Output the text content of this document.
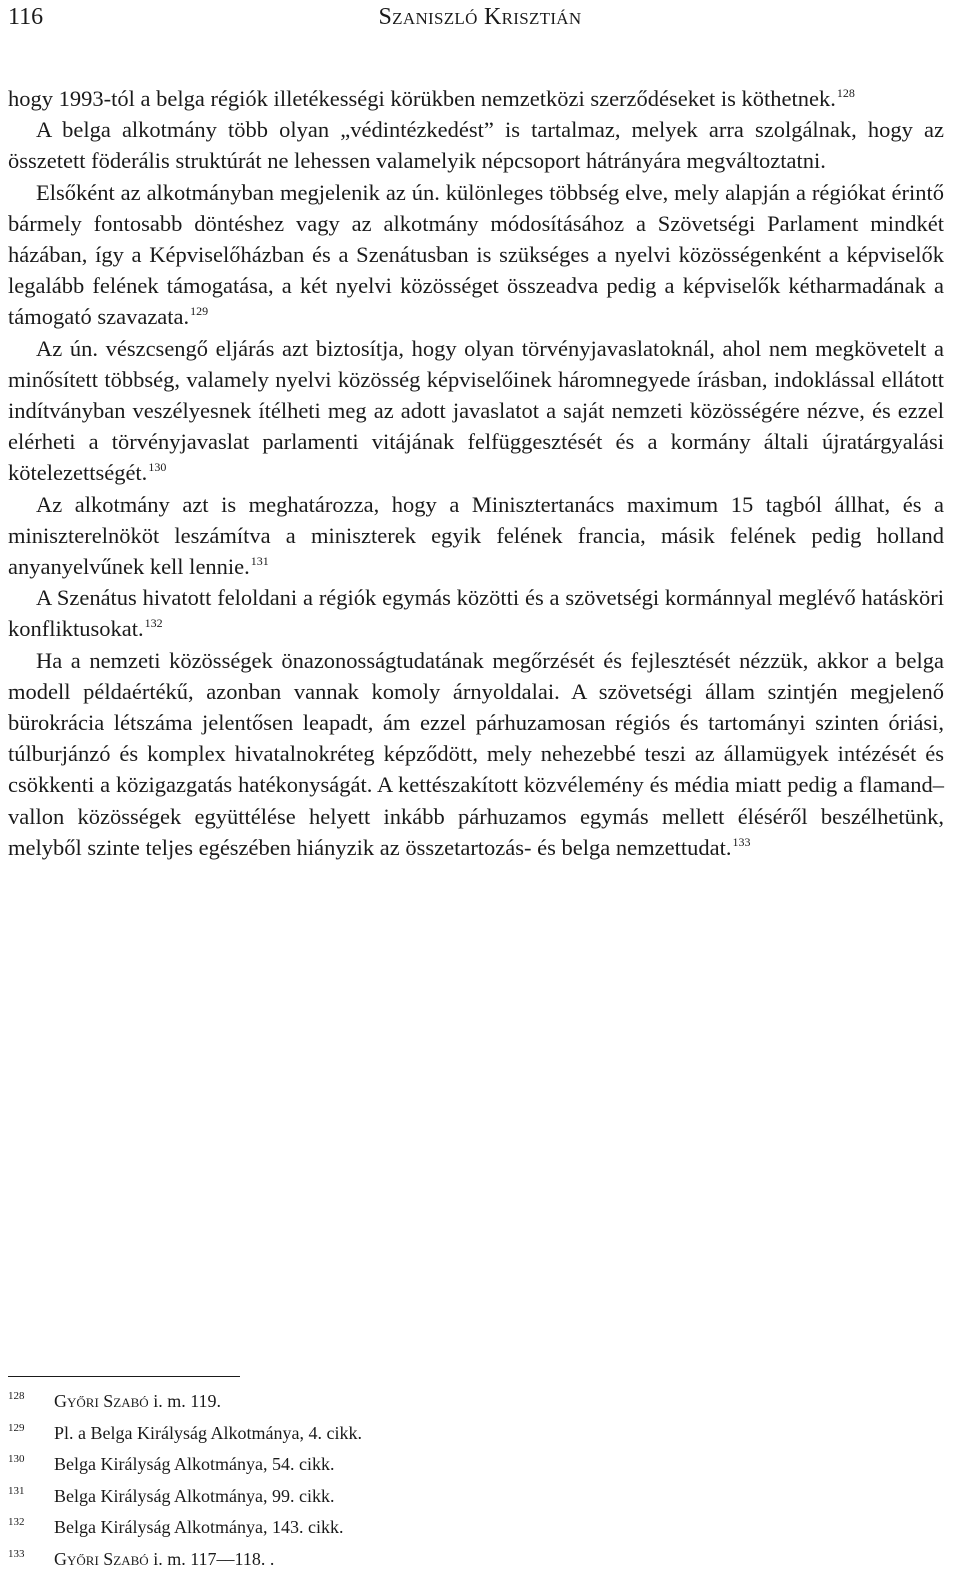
116	Szaniszló Krisztián

hogy 1993-tól a belga régiók illetékességi körükben nemzetközi szerződéseket is köthetnek.$^{128}$

A belga alkotmány több olyan „védintézkedést” is tartalmaz, melyek arra szolgálnak, hogy az összetett föderális struktúrát ne lehessen valamelyik népcsoport hátrányára megváltoztatni.

Elsőként az alkotmányban megjelenik az ún. különleges többség elve, mely alapján a régiókat érintő bármely fontosabb döntéshez vagy az alkotmány módosításához a Szövetségi Parlament mindkét házában, így a Képviselőházban és a Szenátusban is szükséges a nyelvi közösségenként a képviselők legalább felének támogatása, a két nyelvi közösséget összeadva pedig a képviselők kétharmadának a támogató szavazata.$^{129}$

Az ún. vészcsengő eljárás azt biztosítja, hogy olyan törvényjavaslatoknál, ahol nem megkövetelt a minősített többség, valamely nyelvi közösség képviselőinek háromnegyede írásban, indoklással ellátott indítványban veszélyesnek ítélheti meg az adott javaslatot a saját nemzeti közösségére nézve, és ezzel elérheti a törvényjavaslat parlamenti vitájának felfüggesztését és a kormány általi újratárgyalási kötelezettségét.$^{130}$

Az alkotmány azt is meghatározza, hogy a Minisztertanács maximum 15 tagból állhat, és a miniszterelnököt leszámítva a miniszterek egyik felének francia, másik felének pedig holland anyanyelvűnek kell lennie.$^{131}$

A Szenátus hivatott feloldani a régiók egymás közötti és a szövetségi kormánnyal meglévő hatásköri konfliktusokat.$^{132}$

Ha a nemzeti közösségek önazonosságtudatának megőrzését és fejlesztését nézzük, akkor a belga modell példaértékű, azonban vannak komoly árnyoldalai. A szövetségi állam szintjén megjelenő bürokrácia létszáma jelentősen leapadt, ám ezzel párhuzamosan régiós és tartományi szinten óriási, túlburjánzó és komplex hivatalnokréteg képződött, mely nehezebbé teszi az államügyek intézését és csökkenti a közigazgatás hatékonyságát. A kettészakított közvélemény és média miatt pedig a flamand–vallon közösségek együttélése helyett inkább párhuzamos egymás mellett éléséről beszélhetünk, melyből szinte teljes egészében hiányzik az összetartozás- és belga nemzettudat.$^{133}$

128	Győri Szabó i. m. 119.
129	Pl. a Belga Királyság Alkotmánya, 4. cikk.
130	Belga Királyság Alkotmánya, 54. cikk.
131	Belga Királyság Alkotmánya, 99. cikk.
132	Belga Királyság Alkotmánya, 143. cikk.
133	Győri Szabó i. m. 117––118. .
